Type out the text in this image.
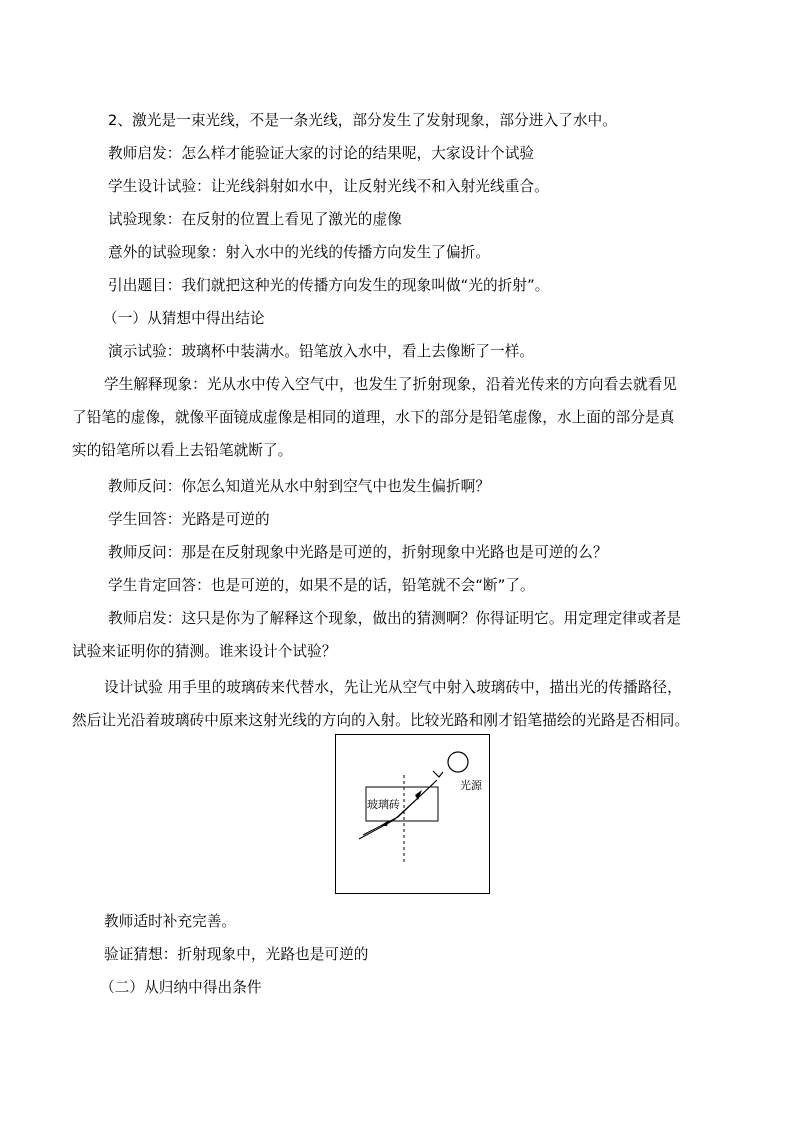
2、激光是一束光线，不是一条光线，部分发生了发射现象，部分进入了水中。
教师启发：怎么样才能验证大家的讨论的结果呢，大家设计个试验
学生设计试验：让光线斜射如水中，让反射光线不和入射光线重合。
试验现象：在反射的位置上看见了激光的虚像
意外的试验现象：射入水中的光线的传播方向发生了偏折。
引出题目：我们就把这种光的传播方向发生的现象叫做“光的折射”。
（一）从猜想中得出结论
演示试验：玻璃杯中装满水。铅笔放入水中，看上去像断了一样。
学生解释现象：光从水中传入空气中，也发生了折射现象，沿着光传来的方向看去就看见
了铅笔的虚像，就像平面镜成虚像是相同的道理，水下的部分是铅笔虚像，水上面的部分是真
实的铅笔所以看上去铅笔就断了。
教师反问：你怎么知道光从水中射到空气中也发生偏折啊？
学生回答：光路是可逆的
教师反问：那是在反射现象中光路是可逆的，折射现象中光路也是可逆的么？
学生肯定回答：也是可逆的，如果不是的话，铅笔就不会“断”了。
教师启发：这只是你为了解释这个现象，做出的猜测啊？你得证明它。用定理定律或者是
试验来证明你的猜测。谁来设计个试验？
设计试验 用手里的玻璃砖来代替水，先让光从空气中射入玻璃砖中，描出光的传播路径，
然后让光沿着玻璃砖中原来这射光线的方向的入射。比较光路和刚才铅笔描绘的光路是否相同。
玻璃砖
光源
教师适时补充完善。
验证猜想：折射现象中，光路也是可逆的
（二）从归纳中得出条件
